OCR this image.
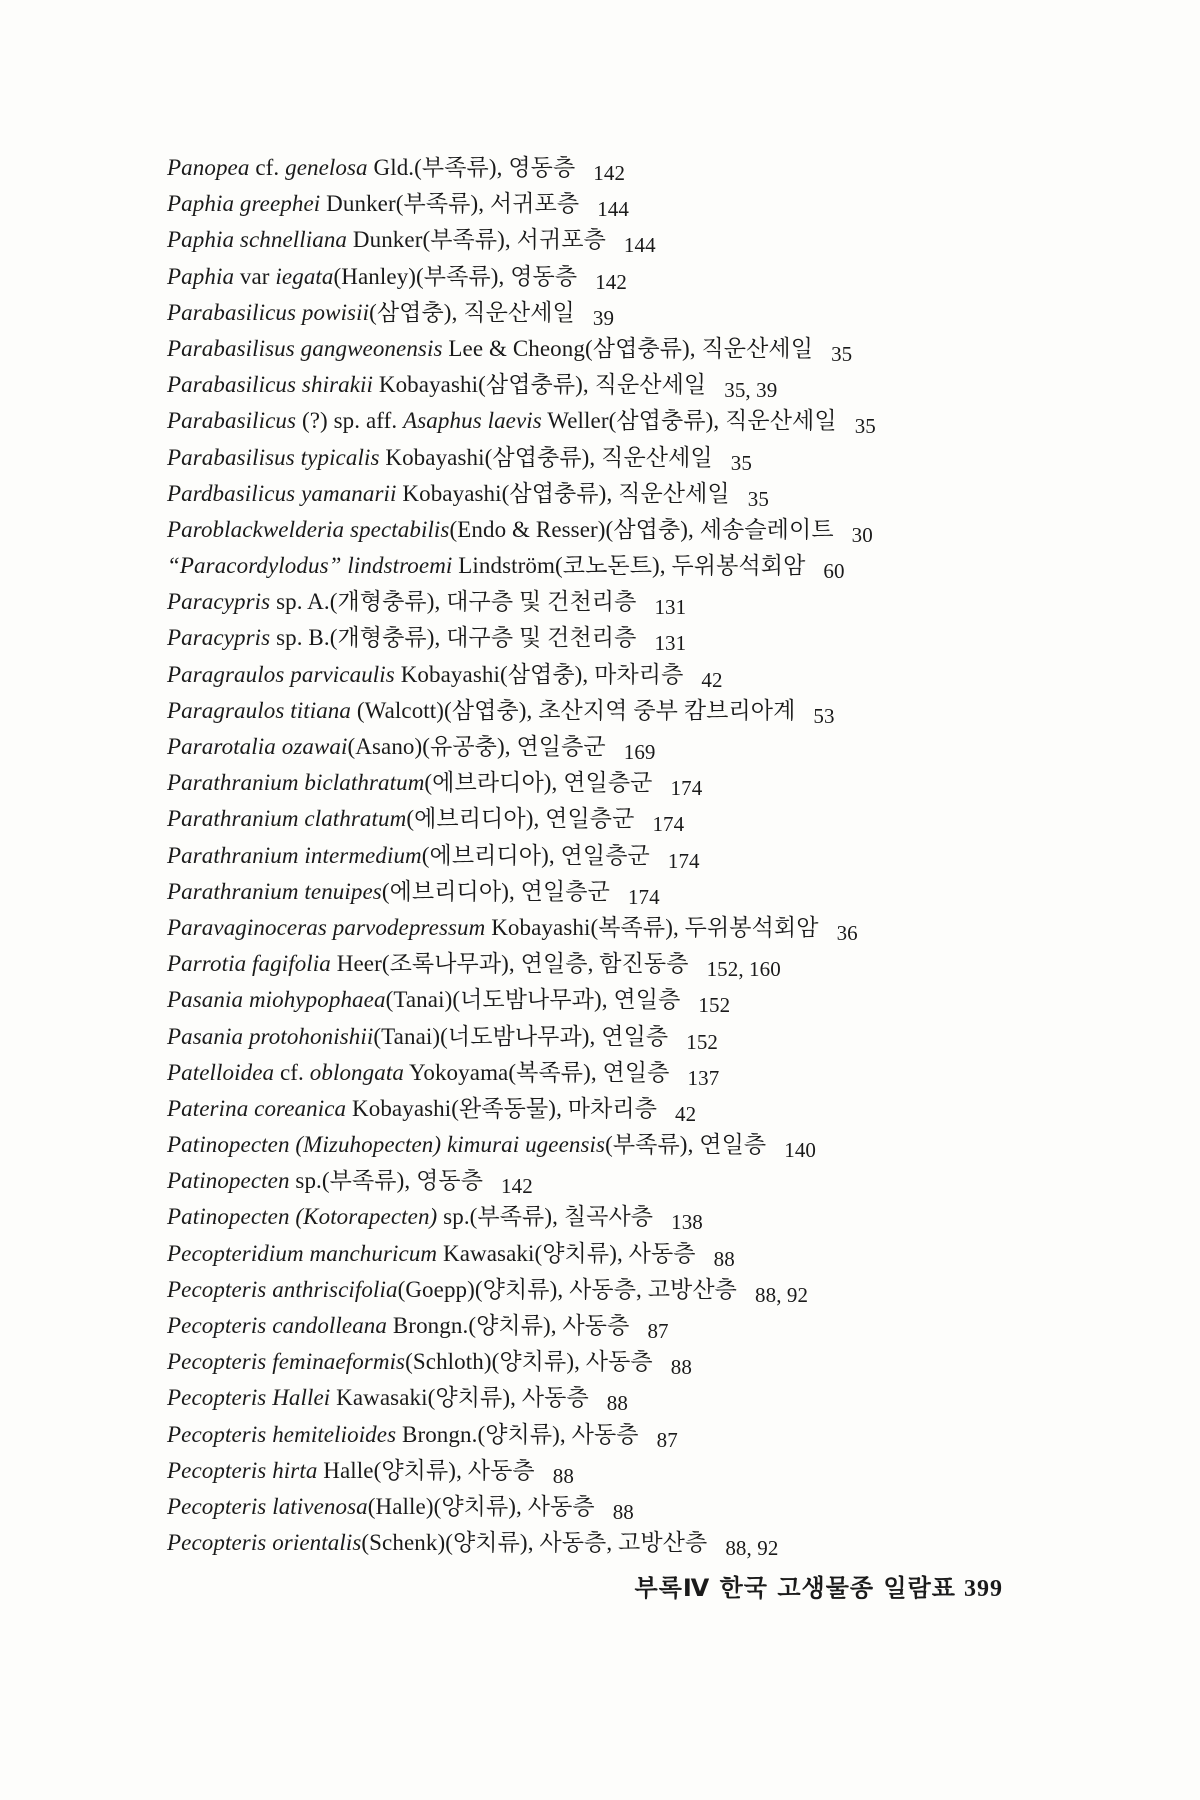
Panopea cf. genelosa Gld.(부족류), 영동층 142
Paphia greephei Dunker(부족류), 서귀포층 144
Paphia schnelliana Dunker(부족류), 서귀포층 144
Paphia var iegata(Hanley)(부족류), 영동층 142
Parabasilicus powisii(삼엽충), 직운산세일 39
Parabasilisus gangweonensis Lee & Cheong(삼엽충류), 직운산세일 35
Parabasilicus shirakii Kobayashi(삼엽충류), 직운산세일 35, 39
Parabasilicus (?) sp. aff. Asaphus laevis Weller(삼엽충류), 직운산세일 35
Parabasilisus typicalis Kobayashi(삼엽충류), 직운산세일 35
Pardbasilicus yamanarii Kobayashi(삼엽충류), 직운산세일 35
Paroblackwelderia spectabilis(Endo & Resser)(삼엽충), 세송슬레이트 30
“Paracordylodus” lindstroemi Lindström(코노돈트), 두위봉석회암 60
Paracypris sp. A.(개형충류), 대구층 및 건천리층 131
Paracypris sp. B.(개형충류), 대구층 및 건천리층 131
Paragraulos parvicaulis Kobayashi(삼엽충), 마차리층 42
Paragraulos titiana (Walcott)(삼엽충), 초산지역 중부 캄브리아계 53
Pararotalia ozawai(Asano)(유공충), 연일층군 169
Parathranium biclathratum(에브라디아), 연일층군 174
Parathranium clathratum(에브리디아), 연일층군 174
Parathranium intermedium(에브리디아), 연일층군 174
Parathranium tenuipes(에브리디아), 연일층군 174
Paravaginoceras parvodepressum Kobayashi(복족류), 두위봉석회암 36
Parrotia fagifolia Heer(조록나무과), 연일층, 함진동층 152, 160
Pasania miohypophaea(Tanai)(너도밤나무과), 연일층 152
Pasania protohonishii(Tanai)(너도밤나무과), 연일층 152
Patelloidea cf. oblongata Yokoyama(복족류), 연일층 137
Paterina coreanica Kobayashi(완족동물), 마차리층 42
Patinopecten (Mizuhopecten) kimurai ugeensis(부족류), 연일층 140
Patinopecten sp.(부족류), 영동층 142
Patinopecten (Kotorapecten) sp.(부족류), 칠곡사층 138
Pecopteridium manchuricum Kawasaki(양치류), 사동층 88
Pecopteris anthriscifolia(Goepp)(양치류), 사동층, 고방산층 88, 92
Pecopteris candolleana Brongn.(양치류), 사동층 87
Pecopteris feminaeformis(Schloth)(양치류), 사동층 88
Pecopteris Hallei Kawasaki(양치류), 사동층 88
Pecopteris hemitelioides Brongn.(양치류), 사동층 87
Pecopteris hirta Halle(양치류), 사동층 88
Pecopteris lativenosa(Halle)(양치류), 사동층 88
Pecopteris orientalis(Schenk)(양치류), 사동층, 고방산층 88, 92
부록Ⅳ 한국 고생물종 일람표 399
